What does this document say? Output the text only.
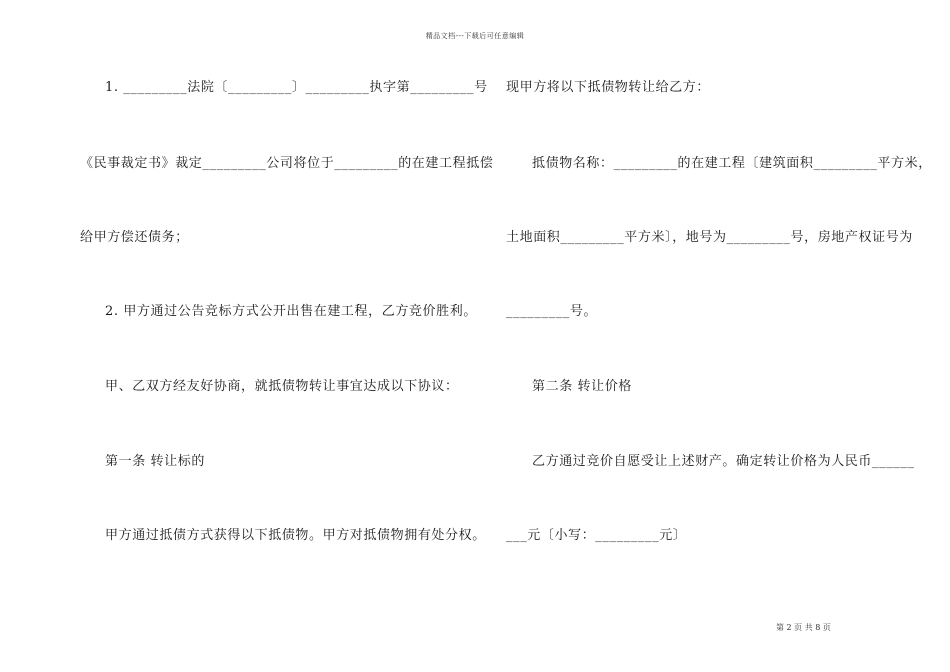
精品文档---下载后可任意编辑
1. _________法院〔_________〕_________执字第_________号
《民事裁定书》裁定_________公司将位于_________的在建工程抵偿
给甲方偿还债务；
2. 甲方通过公告竞标方式公开出售在建工程，乙方竞价胜利。
甲、乙双方经友好协商，就抵债物转让事宜达成以下协议：
第一条 转让标的
甲方通过抵债方式获得以下抵债物。甲方对抵债物拥有处分权。
现甲方将以下抵债物转让给乙方：
抵债物名称：_________的在建工程〔建筑面积_________平方米，
土地面积_________平方米〕，地号为_________号，房地产权证号为
_________号。
第二条 转让价格
乙方通过竞价自愿受让上述财产。确定转让价格为人民币______
___元〔小写：_________元〕
第 2 页 共 8 页
